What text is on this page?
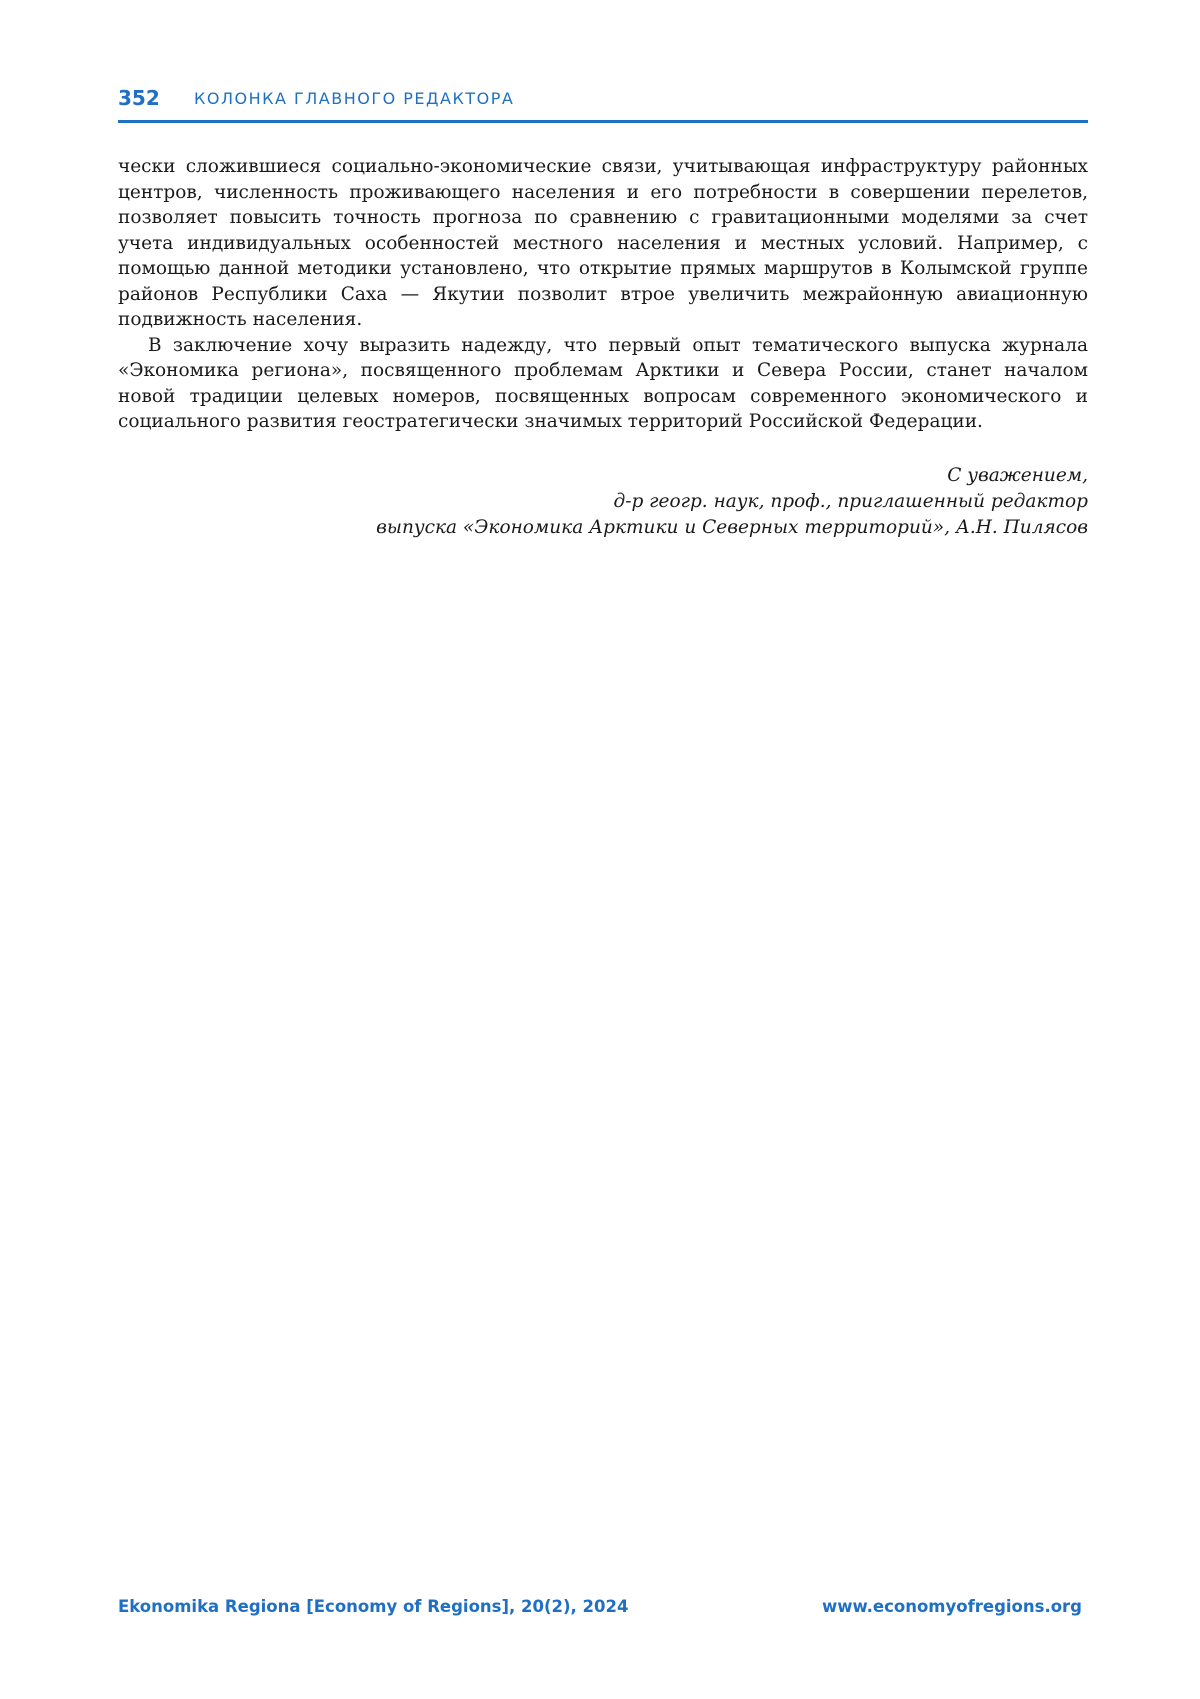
352 КОЛОНКА ГЛАВНОГО РЕДАКТОРА

чески сложившиеся социально-экономические связи, учитывающая инфраструктуру районных центров, численность проживающего населения и его потребности в совершении перелетов, позволяет повысить точность прогноза по сравнению с гравитационными моделями за счет учета индивидуальных особенностей местного населения и местных условий. Например, с помощью данной методики установлено, что открытие прямых маршрутов в Колымской группе районов Республики Саха — Якутии позволит втрое увеличить межрайонную авиационную подвижность населения.

В заключение хочу выразить надежду, что первый опыт тематического выпуска журнала «Экономика региона», посвященного проблемам Арктики и Севера России, станет началом новой традиции целевых номеров, посвященных вопросам современного экономического и социального развития геостратегически значимых территорий Российской Федерации.

С уважением,
д-р геогр. наук, проф., приглашенный редактор
выпуска «Экономика Арктики и Северных территорий», А.Н. Пилясов
Ekonomika Regiona [Economy of Regions], 20(2), 2024	www.economyofregions.org
